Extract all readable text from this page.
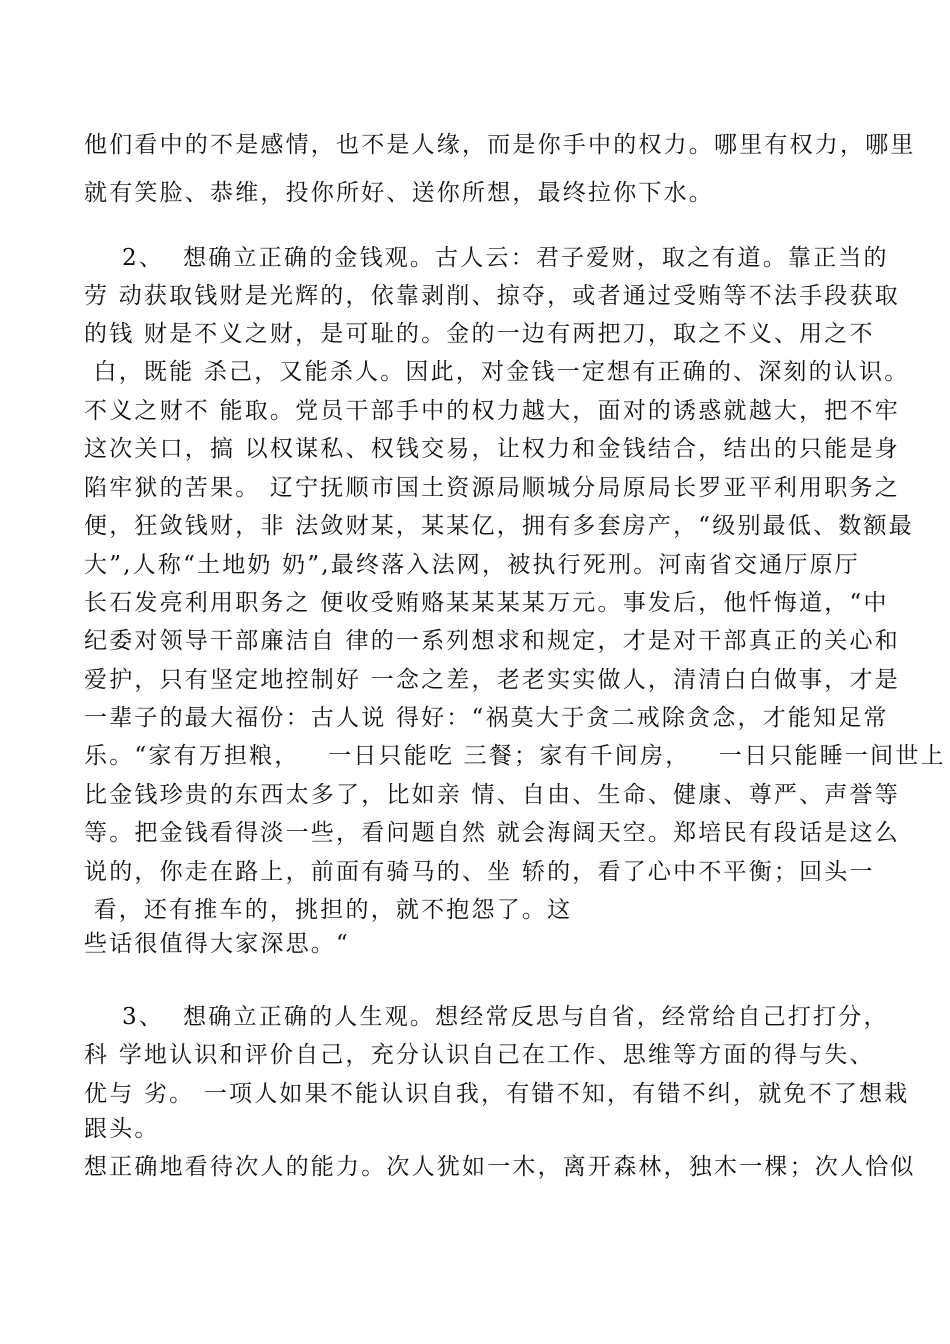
他们看中的不是感情，也不是人缘，而是你手中的权力。哪里有权力，哪里
就有笑脸、恭维，投你所好、送你所想，最终拉你下水。
2、  想确立正确的金钱观。古人云：君子爱财，取之有道。靠正当的
劳 动获取钱财是光辉的，依靠剥削、掠夺，或者通过受贿等不法手段获取
的钱 财是不义之财，是可耻的。金的一边有两把刀，取之不义、用之不
白，既能 杀己，又能杀人。因此，对金钱一定想有正确的、深刻的认识。
不义之财不 能取。党员干部手中的权力越大，面对的诱惑就越大，把不牢
这次关口，搞 以权谋私、权钱交易，让权力和金钱结合，结出的只能是身
陷牢狱的苦果。 辽宁抚顺市国土资源局顺城分局原局长罗亚平利用职务之
便，狂敛钱财，非 法敛财某，某某亿，拥有多套房产，“级别最低、数额最
大”,人称“土地奶 奶”,最终落入法网，被执行死刑。河南省交通厅原厅
长石发亮利用职务之 便收受贿赂某某某某万元。事发后，他忏悔道，“中
纪委对领导干部廉洁自 律的一系列想求和规定，才是对干部真正的关心和
爱护，只有坚定地控制好 一念之差，老老实实做人，清清白白做事，才是
一辈子的最大福份：古人说 得好：“祸莫大于贪二戒除贪念，才能知足常
乐。“家有万担粮，   一日只能吃 三餐；家有千间房，   一日只能睡一间世上
比金钱珍贵的东西太多了，比如亲 情、自由、生命、健康、尊严、声誉等
等。把金钱看得淡一些，看问题自然 就会海阔天空。郑培民有段话是这么
说的，你走在路上，前面有骑马的、坐 轿的，看了心中不平衡；回头一
看，还有推车的，挑担的，就不抱怨了。这
些话很值得大家深思。“
3、  想确立正确的人生观。想经常反思与自省，经常给自己打打分，
科 学地认识和评价自己，充分认识自己在工作、思维等方面的得与失、
优与 劣。 一项人如果不能认识自我，有错不知，有错不纠，就免不了想栽
跟头。
想正确地看待次人的能力。次人犹如一木，离开森林，独木一棵；次人恰似
